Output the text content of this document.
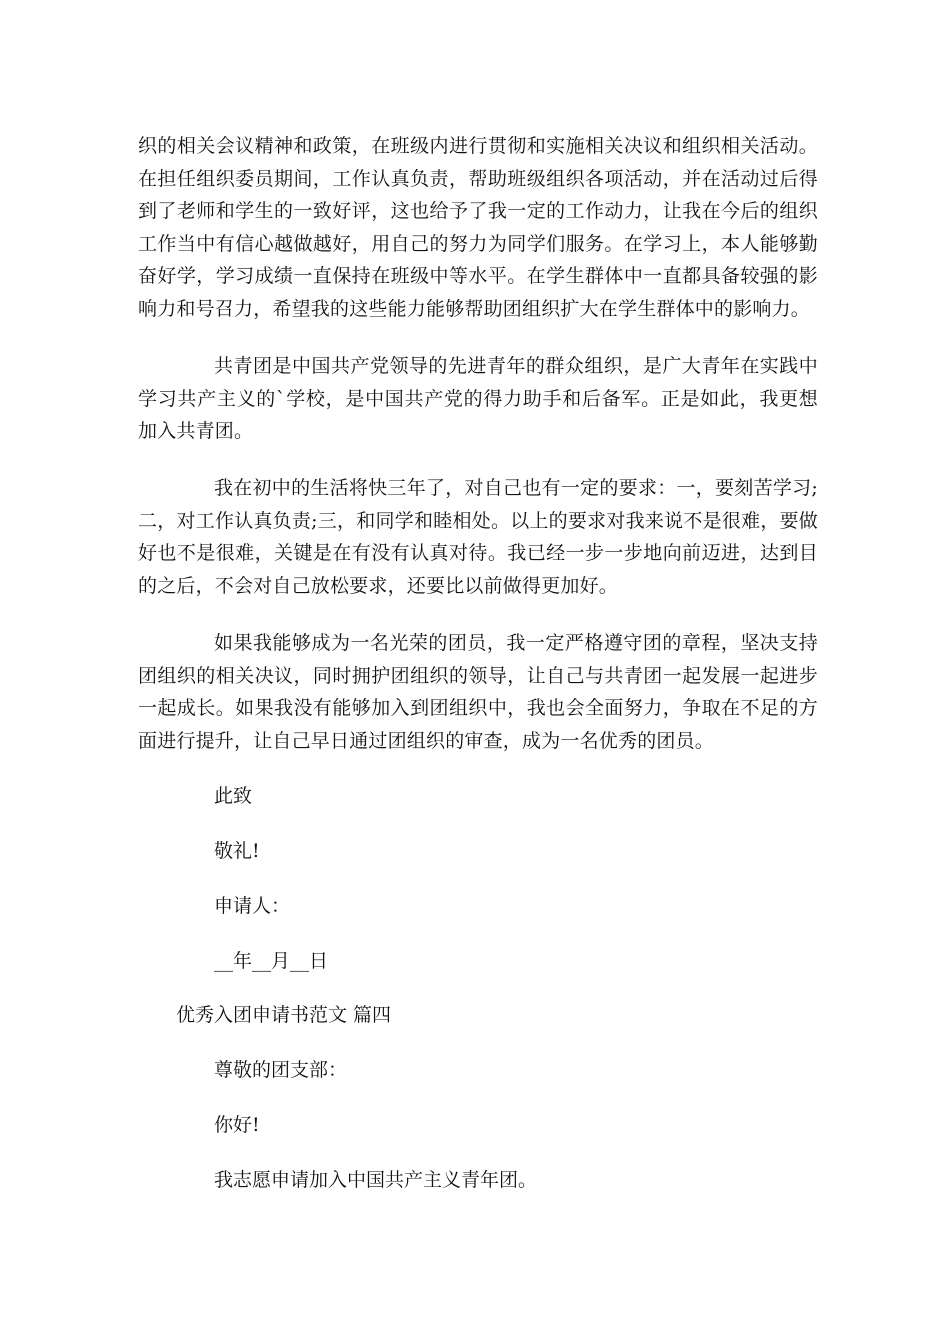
织的相关会议精神和政策，在班级内进行贯彻和实施相关决议和组织相关活动。在担任组织委员期间，工作认真负责，帮助班级组织各项活动，并在活动过后得到了老师和学生的一致好评，这也给予了我一定的工作动力，让我在今后的组织工作当中有信心越做越好，用自己的努力为同学们服务。在学习上，本人能够勤奋好学，学习成绩一直保持在班级中等水平。在学生群体中一直都具备较强的影响力和号召力，希望我的这些能力能够帮助团组织扩大在学生群体中的影响力。

共青团是中国共产党领导的先进青年的群众组织，是广大青年在实践中学习共产主义的`学校，是中国共产党的得力助手和后备军。正是如此，我更想加入共青团。

我在初中的生活将快三年了，对自己也有一定的要求：一，要刻苦学习;二，对工作认真负责;三，和同学和睦相处。以上的要求对我来说不是很难，要做好也不是很难，关键是在有没有认真对待。我已经一步一步地向前迈进，达到目的之后，不会对自己放松要求，还要比以前做得更加好。

如果我能够成为一名光荣的团员，我一定严格遵守团的章程，坚决支持团组织的相关决议，同时拥护团组织的领导，让自己与共青团一起发展一起进步一起成长。如果我没有能够加入到团组织中，我也会全面努力，争取在不足的方面进行提升，让自己早日通过团组织的审查，成为一名优秀的团员。

此致

敬礼!

申请人：

__年__月__日

优秀入团申请书范文 篇四

尊敬的团支部：

你好!

我志愿申请加入中国共产主义青年团。
